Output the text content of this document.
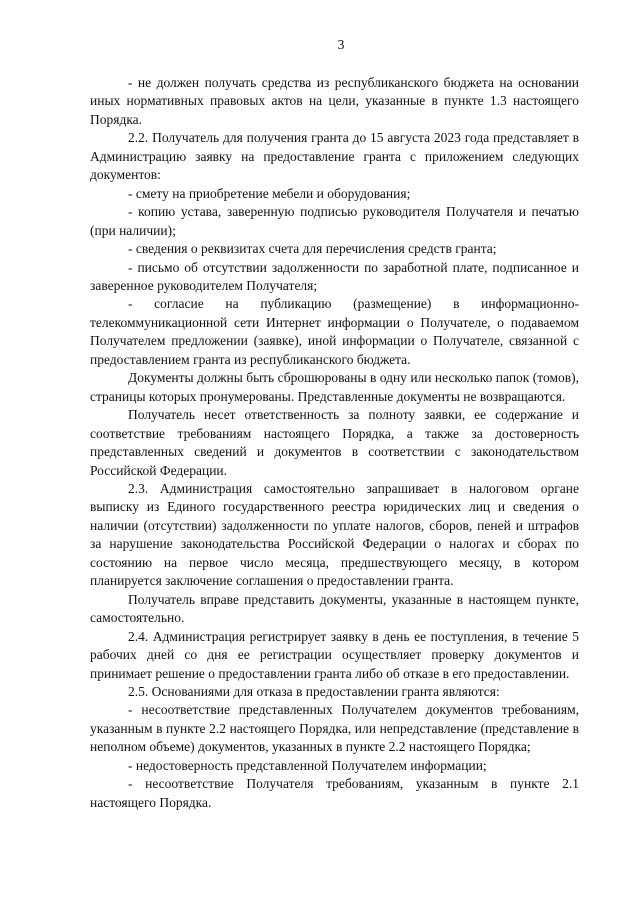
3

- не должен получать средства из республиканского бюджета на основании иных нормативных правовых актов на цели, указанные в пункте 1.3 настоящего Порядка.

2.2. Получатель для получения гранта до 15 августа 2023 года представляет в Администрацию заявку на предоставление гранта с приложением следующих документов:

- смету на приобретение мебели и оборудования;

- копию устава, заверенную подписью руководителя Получателя и печатью (при наличии);

- сведения о реквизитах счета для перечисления средств гранта;

- письмо об отсутствии задолженности по заработной плате, подписанное и заверенное руководителем Получателя;

- согласие на публикацию (размещение) в информационно-телекоммуникационной сети Интернет информации о Получателе, о подаваемом Получателем предложении (заявке), иной информации о Получателе, связанной с предоставлением гранта из республиканского бюджета.

Документы должны быть сброшюрованы в одну или несколько папок (томов), страницы которых пронумерованы. Представленные документы не возвращаются.

Получатель несет ответственность за полноту заявки, ее содержание и соответствие требованиям настоящего Порядка, а также за достоверность представленных сведений и документов в соответствии с законодательством Российской Федерации.

2.3. Администрация самостоятельно запрашивает в налоговом органе выписку из Единого государственного реестра юридических лиц и сведения о наличии (отсутствии) задолженности по уплате налогов, сборов, пеней и штрафов за нарушение законодательства Российской Федерации о налогах и сборах по состоянию на первое число месяца, предшествующего месяцу, в котором планируется заключение соглашения о предоставлении гранта.

Получатель вправе представить документы, указанные в настоящем пункте, самостоятельно.

2.4. Администрация регистрирует заявку в день ее поступления, в течение 5 рабочих дней со дня ее регистрации осуществляет проверку документов и принимает решение о предоставлении гранта либо об отказе в его предоставлении.

2.5. Основаниями для отказа в предоставлении гранта являются:

- несоответствие представленных Получателем документов требованиям, указанным в пункте 2.2 настоящего Порядка, или непредставление (представление в неполном объеме) документов, указанных в пункте 2.2 настоящего Порядка;

- недостоверность представленной Получателем информации;

- несоответствие Получателя требованиям, указанным в пункте 2.1 настоящего Порядка.
